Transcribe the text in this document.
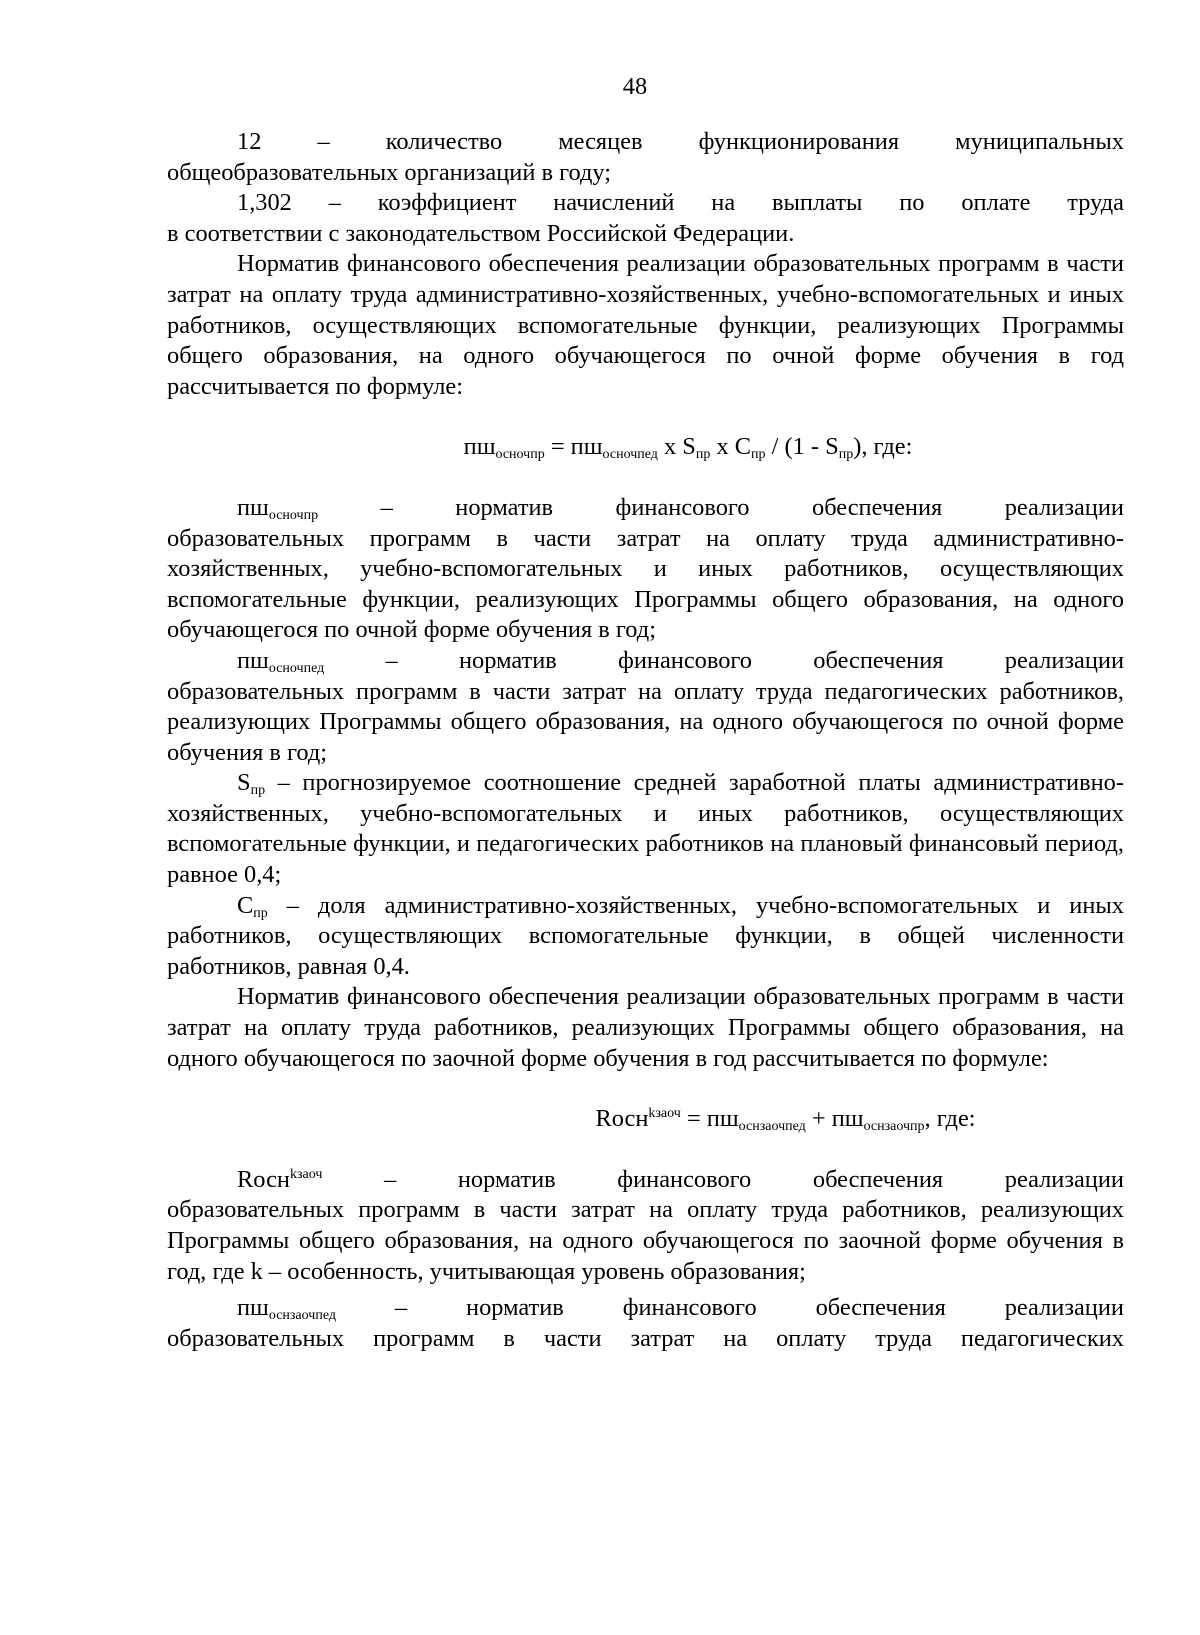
48
12 – количество месяцев функционирования муниципальных
общеобразовательных организаций в году;
1,302 – коэффициент начислений на выплаты по оплате труда
в соответствии с законодательством Российской Федерации.

Норматив финансового обеспечения реализации образовательных программ в части затрат на оплату труда административно-хозяйственных, учебно-вспомогательных и иных работников, осуществляющих вспомогательные функции, реализующих Программы общего образования, на одного обучающегося по очной форме обучения в год рассчитывается по формуле:

$пш_{осночпр} = пш_{осночпед}$ x $S_{пр}$ x $C_{пр} / (1 - S_{пр})$, где:
$пш_{осночпр}$	–	норматив	финансового	обеспечения	реализации

образовательных программ в части затрат на оплату труда административно-хозяйственных, учебно-вспомогательных и иных работников, осуществляющих вспомогательные функции, реализующих Программы общего образования, на одного обучающегося по очной форме обучения в год;

$пш_{осночпед}$	–	норматив	финансового	обеспечения	реализации

образовательных программ в части затрат на оплату труда педагогических работников, реализующих Программы общего образования, на одного обучающегося по очной форме обучения в год;

$S_{пр}$ – прогнозируемое соотношение средней заработной платы административно-хозяйственных, учебно-вспомогательных и иных работников, осуществляющих вспомогательные функции, и педагогических работников на плановый финансовый период, равное 0,4;

$C_{пр}$ – доля административно-хозяйственных, учебно-вспомогательных и иных работников, осуществляющих вспомогательные функции, в общей численности работников, равная 0,4.

Норматив финансового обеспечения реализации образовательных программ в части затрат на оплату труда работников, реализующих Программы общего образования, на одного обучающегося по заочной форме обучения в год рассчитывается по формуле:

Rосн$^{kзаоч}$ = $пш_{оснзаочпед} + пш_{оснзаочпр}$, где:
Rосн$^{kзаоч}$	–	норматив	финансового	обеспечения	реализации

образовательных программ в части затрат на оплату труда работников, реализующих Программы общего образования, на одного обучающегося по заочной форме обучения в год, где k – особенность, учитывающая уровень образования;

$пш_{оснзаочпед}$ – норматив финансового обеспечения реализации

образовательных программ в части затрат на оплату труда педагогических
